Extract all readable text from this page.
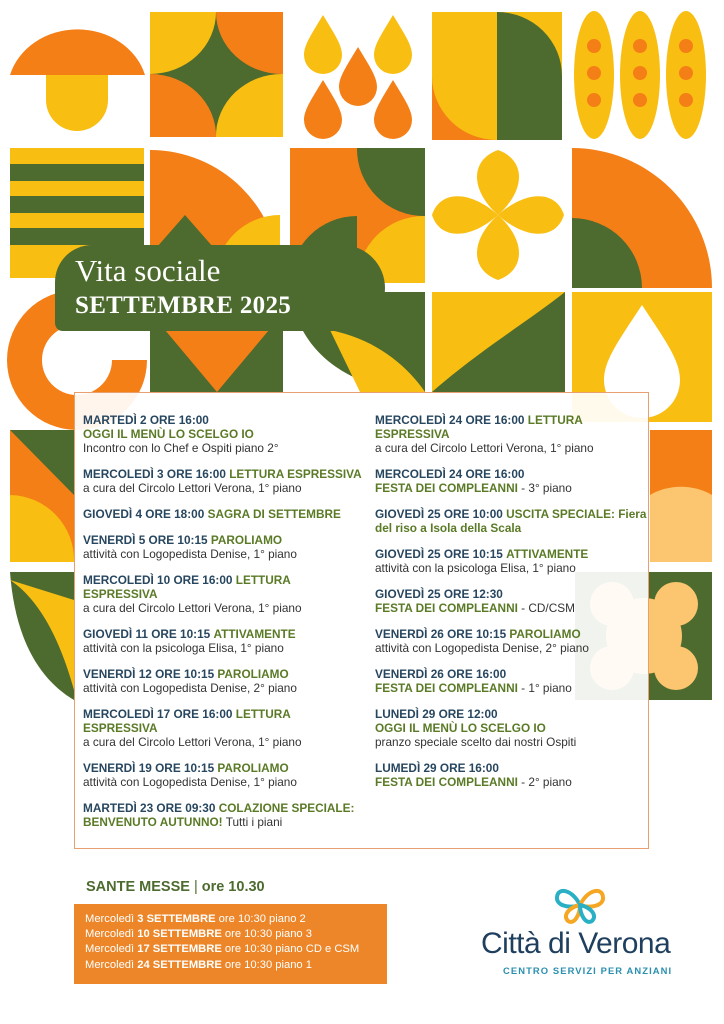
Vita sociale
SETTEMBRE 2025
MARTEDÌ 2 ORE 16:00
OGGI IL MENÙ LO SCELGO IO
Incontro con lo Chef e Ospiti piano 2°
MERCOLEDÌ 3 ORE 16:00 LETTURA ESPRESSIVA
a cura del Circolo Lettori Verona, 1° piano
GIOVEDÌ 4 ORE 18:00 SAGRA DI SETTEMBRE
VENERDÌ 5 ORE 10:15 PAROLIAMO
attività con Logopedista Denise, 1° piano
MERCOLEDÌ 10 ORE 16:00 LETTURA ESPRESSIVA
a cura del Circolo Lettori Verona, 1° piano
GIOVEDÌ 11 ORE 10:15 ATTIVAMENTE
attività con la psicologa Elisa, 1° piano
VENERDÌ 12 ORE 10:15 PAROLIAMO
attività con Logopedista Denise, 2° piano
MERCOLEDÌ 17 ORE 16:00 LETTURA ESPRESSIVA
a cura del Circolo Lettori Verona, 1° piano
VENERDÌ 19 ORE 10:15 PAROLIAMO
attività con Logopedista Denise, 1° piano
MARTEDÌ 23 ORE 09:30 COLAZIONE SPECIALE: BENVENUTO AUTUNNO! Tutti i piani
MERCOLEDÌ 24 ORE 16:00 LETTURA ESPRESSIVA
a cura del Circolo Lettori Verona, 1° piano
MERCOLEDÌ 24 ORE 16:00
FESTA DEI COMPLEANNI - 3° piano
GIOVEDÌ 25 ORE 10:00 USCITA SPECIALE: Fiera del riso a Isola della Scala
GIOVEDÌ 25 ORE 10:15 ATTIVAMENTE
attività con la psicologa Elisa, 1° piano
GIOVEDÌ 25 ORE 12:30
FESTA DEI COMPLEANNI - CD/CSM
VENERDÌ 26 ORE 10:15 PAROLIAMO
attività con Logopedista Denise, 2° piano
VENERDÌ 26 ORE 16:00
FESTA DEI COMPLEANNI - 1° piano
LUNEDÌ 29 ORE 12:00
OGGI IL MENÙ LO SCELGO IO
pranzo speciale scelto dai nostri Ospiti
LUMEDÌ 29 ORE 16:00
FESTA DEI COMPLEANNI - 2° piano
SANTE MESSE | ore 10.30
Mercoledì 3 SETTEMBRE ore 10:30 piano 2
Mercoledì 10 SETTEMBRE ore 10:30 piano 3
Mercoledì 17 SETTEMBRE ore 10:30 piano CD e CSM
Mercoledì 24 SETTEMBRE ore 10:30 piano 1
Città di Verona
CENTRO SERVIZI PER ANZIANI
